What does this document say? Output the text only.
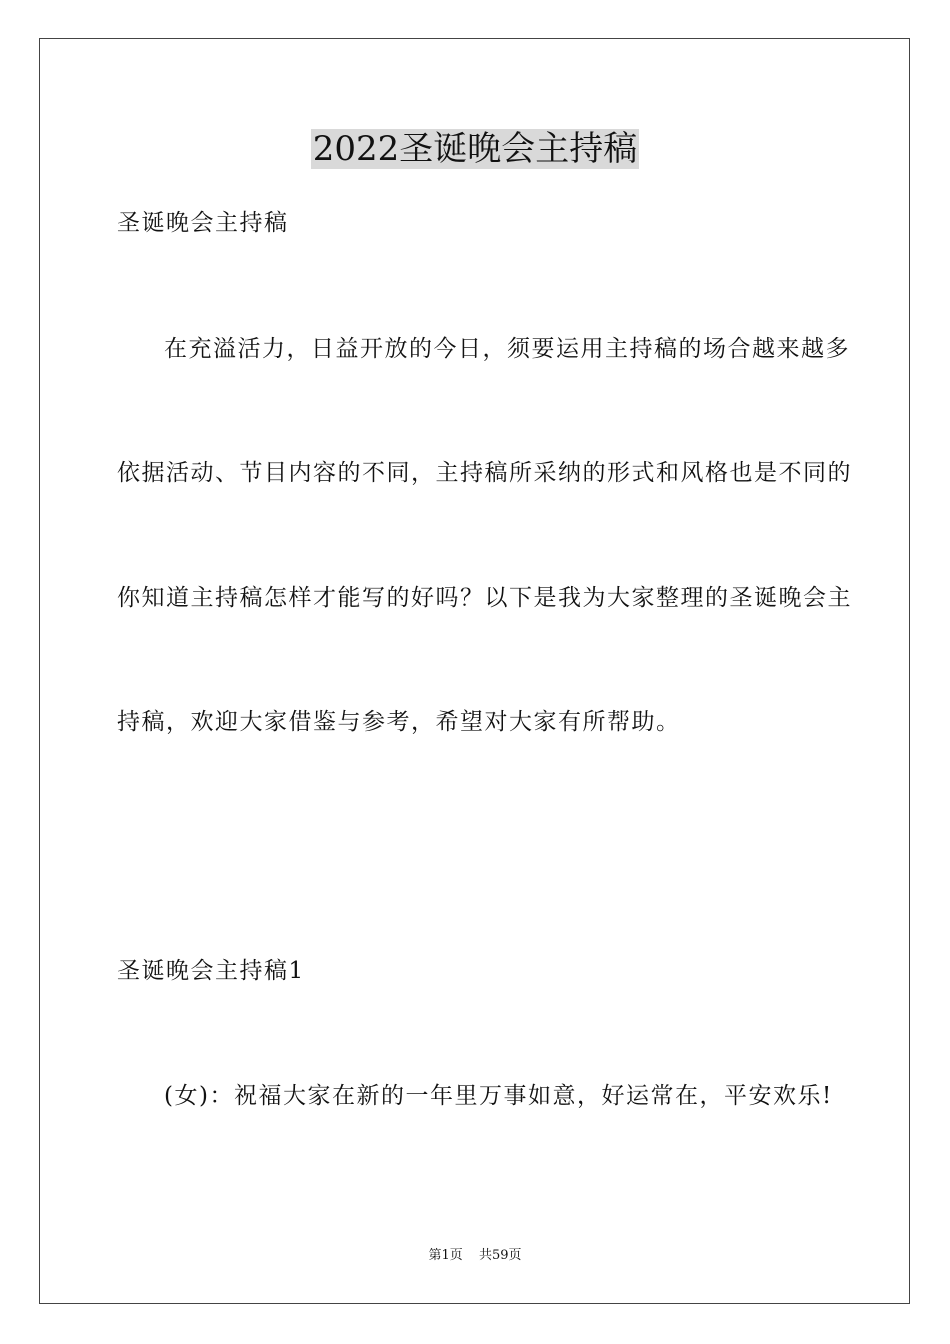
2022圣诞晚会主持稿
圣诞晚会主持稿
在充溢活力，日益开放的今日，须要运用主持稿的场合越来越多
依据活动、节目内容的不同，主持稿所采纳的形式和风格也是不同的
你知道主持稿怎样才能写的好吗？以下是我为大家整理的圣诞晚会主
持稿，欢迎大家借鉴与参考，希望对大家有所帮助。
圣诞晚会主持稿1
(女)：祝福大家在新的一年里万事如意，好运常在，平安欢乐!
第1页 共59页
